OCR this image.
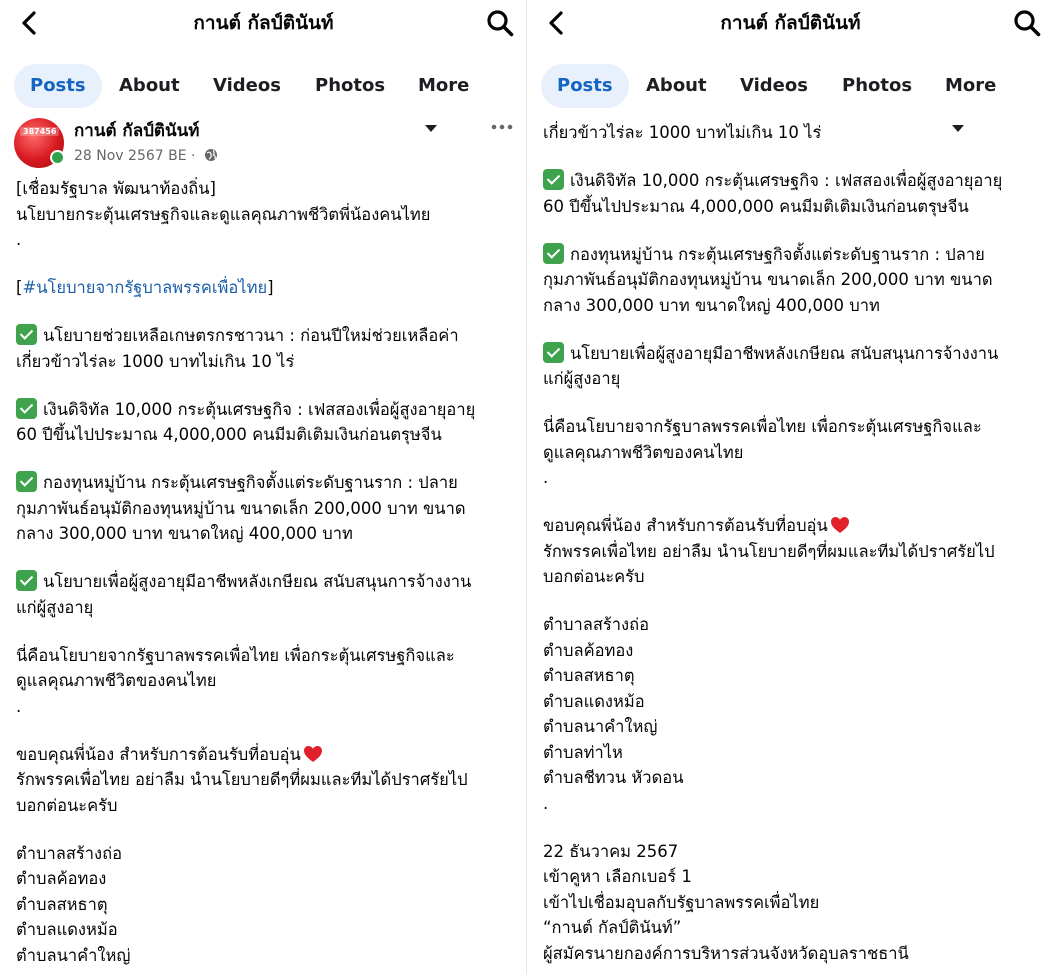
กานต์ กัลป์ตินันท์
Posts	About Videos Photos More
387456 กานต์ กัลป์ตินันท์
28 Nov 2567 BE ·
[เชื่อมรัฐบาล พัฒนาท้องถิ่น]
นโยบายกระตุ้นเศรษฐกิจและดูแลคุณภาพชีวิตพี่น้องคนไทย
.
[#นโยบายจากรัฐบาลพรรคเพื่อไทย]
นโยบายช่วยเหลือเกษตรกรชาวนา : ก่อนปีใหม่ช่วยเหลือค่า
เกี่ยวข้าวไร่ละ 1000 บาทไม่เกิน 10 ไร่
เงินดิจิทัล 10,000 กระตุ้นเศรษฐกิจ : เฟสสองเพื่อผู้สูงอายุอายุ
60 ปีขึ้นไปประมาณ 4,000,000 คนมีมติเติมเงินก่อนตรุษจีน
กองทุนหมู่บ้าน กระตุ้นเศรษฐกิจตั้งแต่ระดับฐานราก : ปลาย
กุมภาพันธ์อนุมัติกองทุนหมู่บ้าน ขนาดเล็ก 200,000 บาท ขนาด
กลาง 300,000 บาท ขนาดใหญ่ 400,000 บาท
นโยบายเพื่อผู้สูงอายุมีอาชีพหลังเกษียณ สนับสนุนการจ้างงาน
แก่ผู้สูงอายุ
นี่คือนโยบายจากรัฐบาลพรรคเพื่อไทย เพื่อกระตุ้นเศรษฐกิจและ
ดูแลคุณภาพชีวิตของคนไทย
.
ขอบคุณพี่น้อง สำหรับการต้อนรับที่อบอุ่น
รักพรรคเพื่อไทย อย่าลืม นำนโยบายดีๆที่ผมและทีมได้ปราศรัยไป
บอกต่อนะครับ
ตำบาลสร้างถ่อ
ตำบลค้อทอง
ตำบลสหธาตุ
ตำบลแดงหม้อ
ตำบลนาคำใหญ่
กานต์ กัลป์ตินันท์
Posts	About Videos Photos More
เกี่ยวข้าวไร่ละ 1000 บาทไม่เกิน 10 ไร่
เงินดิจิทัล 10,000 กระตุ้นเศรษฐกิจ : เฟสสองเพื่อผู้สูงอายุอายุ
60 ปีขึ้นไปประมาณ 4,000,000 คนมีมติเติมเงินก่อนตรุษจีน
กองทุนหมู่บ้าน กระตุ้นเศรษฐกิจตั้งแต่ระดับฐานราก : ปลาย
กุมภาพันธ์อนุมัติกองทุนหมู่บ้าน ขนาดเล็ก 200,000 บาท ขนาด
กลาง 300,000 บาท ขนาดใหญ่ 400,000 บาท
นโยบายเพื่อผู้สูงอายุมีอาชีพหลังเกษียณ สนับสนุนการจ้างงาน
แก่ผู้สูงอายุ
นี่คือนโยบายจากรัฐบาลพรรคเพื่อไทย เพื่อกระตุ้นเศรษฐกิจและ
ดูแลคุณภาพชีวิตของคนไทย
.
ขอบคุณพี่น้อง สำหรับการต้อนรับที่อบอุ่น
รักพรรคเพื่อไทย อย่าลืม นำนโยบายดีๆที่ผมและทีมได้ปราศรัยไป
บอกต่อนะครับ
ตำบาลสร้างถ่อ
ตำบลค้อทอง
ตำบลสหธาตุ
ตำบลแดงหม้อ
ตำบลนาคำใหญ่
ตำบลท่าไห
ตำบลชีทวน หัวดอน
.
22 ธันวาคม 2567
เข้าคูหา เลือกเบอร์ 1
เข้าไปเชื่อมอุบลกับรัฐบาลพรรคเพื่อไทย
“กานต์ กัลป์ตินันท์”
ผู้สมัครนายกองค์การบริหารส่วนจังหวัดอุบลราชธานี
